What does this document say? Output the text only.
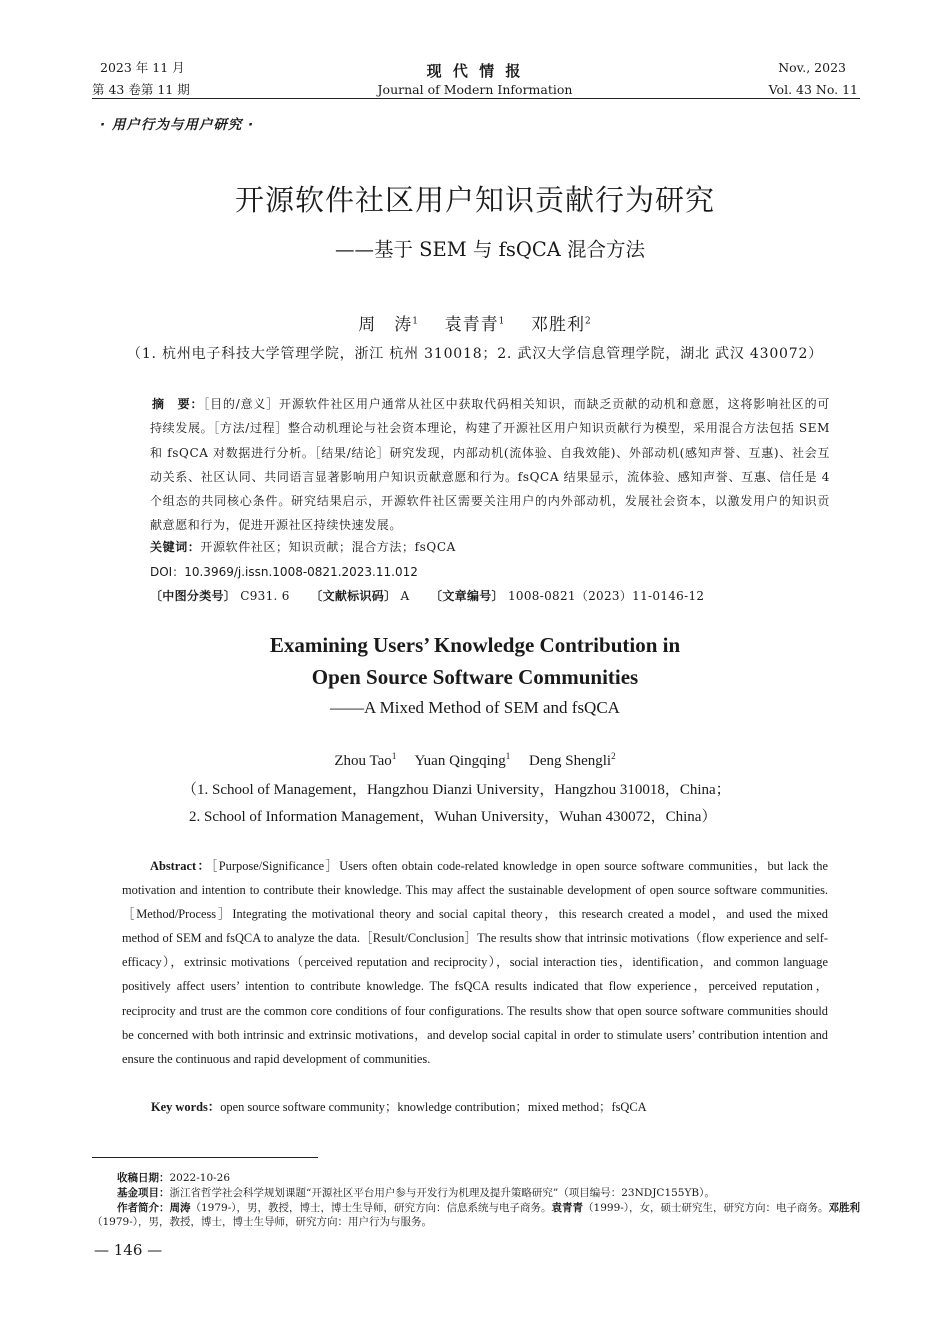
2023 年 11 月
第 43 卷第 11 期
现 代 情 报
Journal of Modern Information
Nov., 2023
Vol. 43 No. 11
· 用户行为与用户研究 ·
开源软件社区用户知识贡献行为研究
——基于 SEM 与 fsQCA 混合方法
周　涛$^1$ 袁青青$^1$ 邓胜利$^2$
（1. 杭州电子科技大学管理学院，浙江 杭州 310018；2. 武汉大学信息管理学院，湖北 武汉 430072）
摘　要：［目的/意义］开源软件社区用户通常从社区中获取代码相关知识，而缺乏贡献的动机和意愿，这将影响社区的可持续发展。［方法/过程］整合动机理论与社会资本理论，构建了开源社区用户知识贡献行为模型，采用混合方法包括 SEM 和 fsQCA 对数据进行分析。［结果/结论］研究发现，内部动机(流体验、自我效能)、外部动机(感知声誉、互惠)、社会互动关系、社区认同、共同语言显著影响用户知识贡献意愿和行为。fsQCA 结果显示，流体验、感知声誉、互惠、信任是 4 个组态的共同核心条件。研究结果启示，开源软件社区需要关注用户的内外部动机，发展社会资本，以激发用户的知识贡献意愿和行为，促进开源社区持续快速发展。
关键词：开源软件社区；知识贡献；混合方法；fsQCA
DOI：10.3969/j.issn.1008-0821.2023.11.012
〔中图分类号〕 C931. 6 〔文献标识码〕 A 〔文章编号〕 1008-0821（2023）11-0146-12
Examining Users’ Knowledge Contribution in
Open Source Software Communities
——A Mixed Method of SEM and fsQCA
Zhou Tao$^1$ Yuan Qingqing$^1$ Deng Shengli$^2$
（1. School of Management，Hangzhou Dianzi University，Hangzhou 310018，China；
2. School of Information Management，Wuhan University，Wuhan 430072，China）
Abstract：［Purpose/Significance］Users often obtain code-related knowledge in open source software communities，but lack the motivation and intention to contribute their knowledge. This may affect the sustainable development of open source software communities.［Method/Process］Integrating the motivational theory and social capital theory，this research created a model，and used the mixed method of SEM and fsQCA to analyze the data.［Result/Conclusion］The results show that intrinsic motivations（flow experience and self-efficacy），extrinsic motivations（perceived reputation and reciprocity），social interaction ties，identification，and common language positively affect users’ intention to contribute knowledge. The fsQCA results indicated that flow experience，perceived reputation，reciprocity and trust are the common core conditions of four configurations. The results show that open source software communities should be concerned with both intrinsic and extrinsic motivations，and develop social capital in order to stimulate users’ contribution intention and ensure the continuous and rapid development of communities.
Key words：open source software community；knowledge contribution；mixed method；fsQCA
收稿日期：2022-10-26
基金项目：浙江省哲学社会科学规划课题“开源社区平台用户参与开发行为机理及提升策略研究”（项目编号：23NDJC155YB）。
作者简介：周涛（1979-），男，教授，博士，博士生导师，研究方向：信息系统与电子商务。袁青青（1999-），女，硕士研究生，研究方向：电子商务。邓胜利（1979-），男，教授，博士，博士生导师，研究方向：用户行为与服务。
— 146 —
